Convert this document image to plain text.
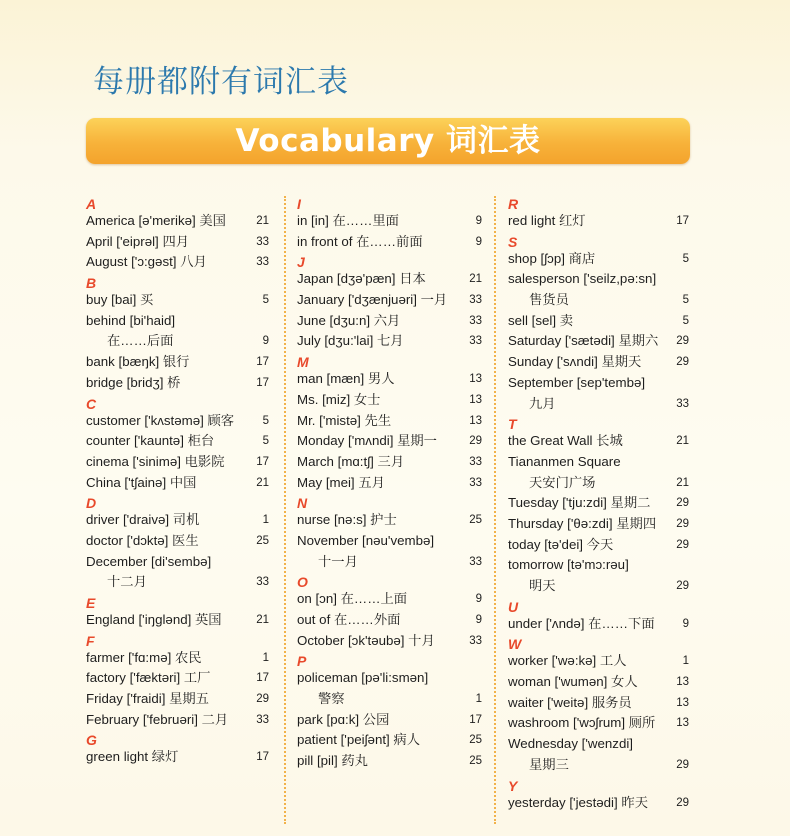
每册都附有词汇表
Vocabulary 词汇表
A
America [ə'merikə] 美国	21
April ['eiprəl] 四月	33
August ['ɔ:gəst] 八月	33
B
buy [bai] 买	5
behind [bi'haid]
在……后面	9
bank [bæŋk] 银行	17
bridge [bridʒ] 桥	17
C
customer ['kʌstəmə] 顾客 5
counter ['kauntə] 柜台	5
cinema ['sinimə] 电影院	17
China ['tʃainə] 中国	21
D
driver ['draivə] 司机	1
doctor ['dɔktə] 医生	25
December [di'sembə]
十二月	33
E
England ['iŋglənd] 英国	21
F
farmer ['fɑ:mə] 农民	1
factory ['fæktəri] 工厂	17
Friday ['fraidi] 星期五	29
February ['februəri] 二月 33
G
green light 绿灯	17
I
in [in] 在……里面	9
in front of 在……前面	9
J
Japan [dʒə'pæn] 日本	21
January ['dʒænjuəri] 一月 33
June [dʒu:n] 六月	33
July [dʒu:'lai] 七月	33
M
man [mæn] 男人	13
Ms. [miz] 女士	13
Mr. ['mistə] 先生	13
Monday ['mʌndi] 星期一	29
March [mɑ:tʃ] 三月	33
May [mei] 五月	33
N
nurse [nə:s] 护士	25
November [nəu'vembə]
十一月	33
O
on [ɔn] 在……上面	9
out of 在……外面	9
October [ɔk'təubə] 十月	33
P
policeman [pə'li:smən]
警察	1
park [pɑ:k] 公园	17
patient ['peiʃənt] 病人	25
pill [pil] 药丸	25
R
red light 红灯	17
S
shop [ʃɔp] 商店	5
salesperson ['seilz,pə:sn]
售货员	5
sell [sel] 卖	5
Saturday ['sætədi] 星期六 29
Sunday ['sʌndi] 星期天	29
September [sep'tembə]
九月	33
T
the Great Wall 长城	21
Tiananmen Square
天安门广场	21
Tuesday ['tju:zdi] 星期二 29
Thursday ['θə:zdi] 星期四 29
today [tə'dei] 今天	29
tomorrow [tə'mɔ:rəu]
明天	29
U
under ['ʌndə] 在……下面 9
W
worker ['wə:kə] 工人	1
woman ['wumən] 女人	13
waiter ['weitə] 服务员	13
washroom ['wɔʃrum] 厕所 13
Wednesday ['wenzdi]
星期三	29
Y
yesterday ['jestədi] 昨天 29
